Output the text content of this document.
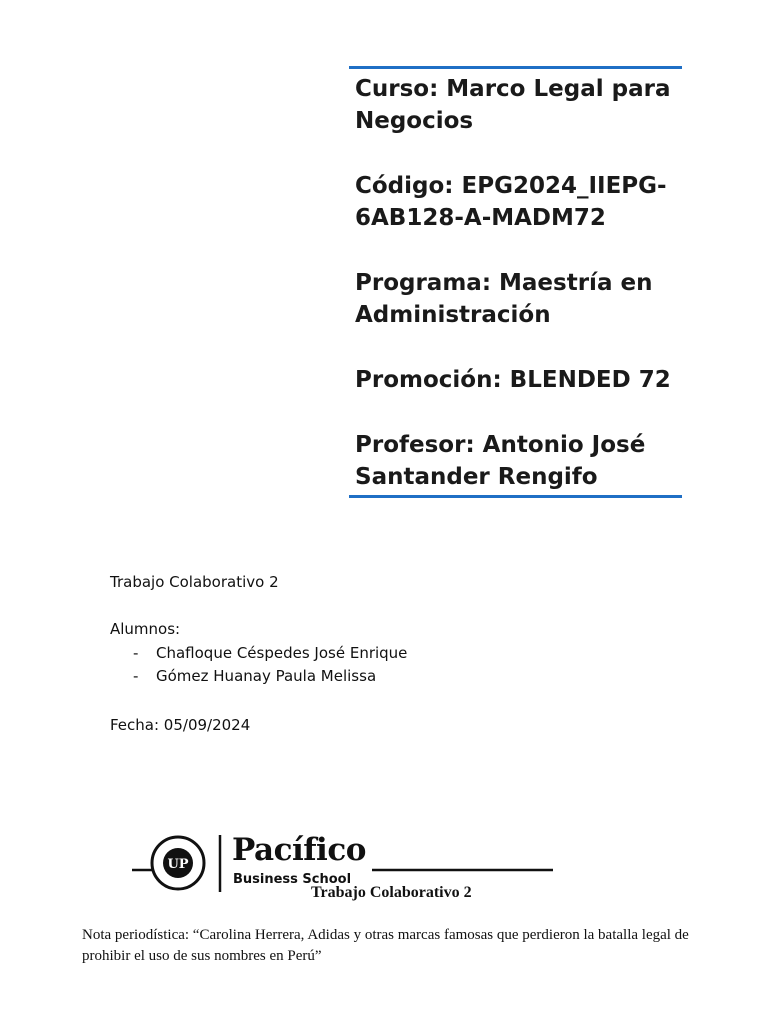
Curso: Marco Legal para Negocios

Código: EPG2024_IIEPG-6AB128-A-MADM72

Programa: Maestría en Administración

Promoción: BLENDED 72

Profesor: Antonio José Santander Rengifo

Trabajo Colaborativo 2
Alumnos:
- Chafloque Céspedes José Enrique
- Gómez Huanay Paula Melissa
Fecha: 05/09/2024
UP Pacífico
Business School
Trabajo Colaborativo 2
Nota periodística: “Carolina Herrera, Adidas y otras marcas famosas que perdieron la batalla legal de prohibir el uso de sus nombres en Perú”
